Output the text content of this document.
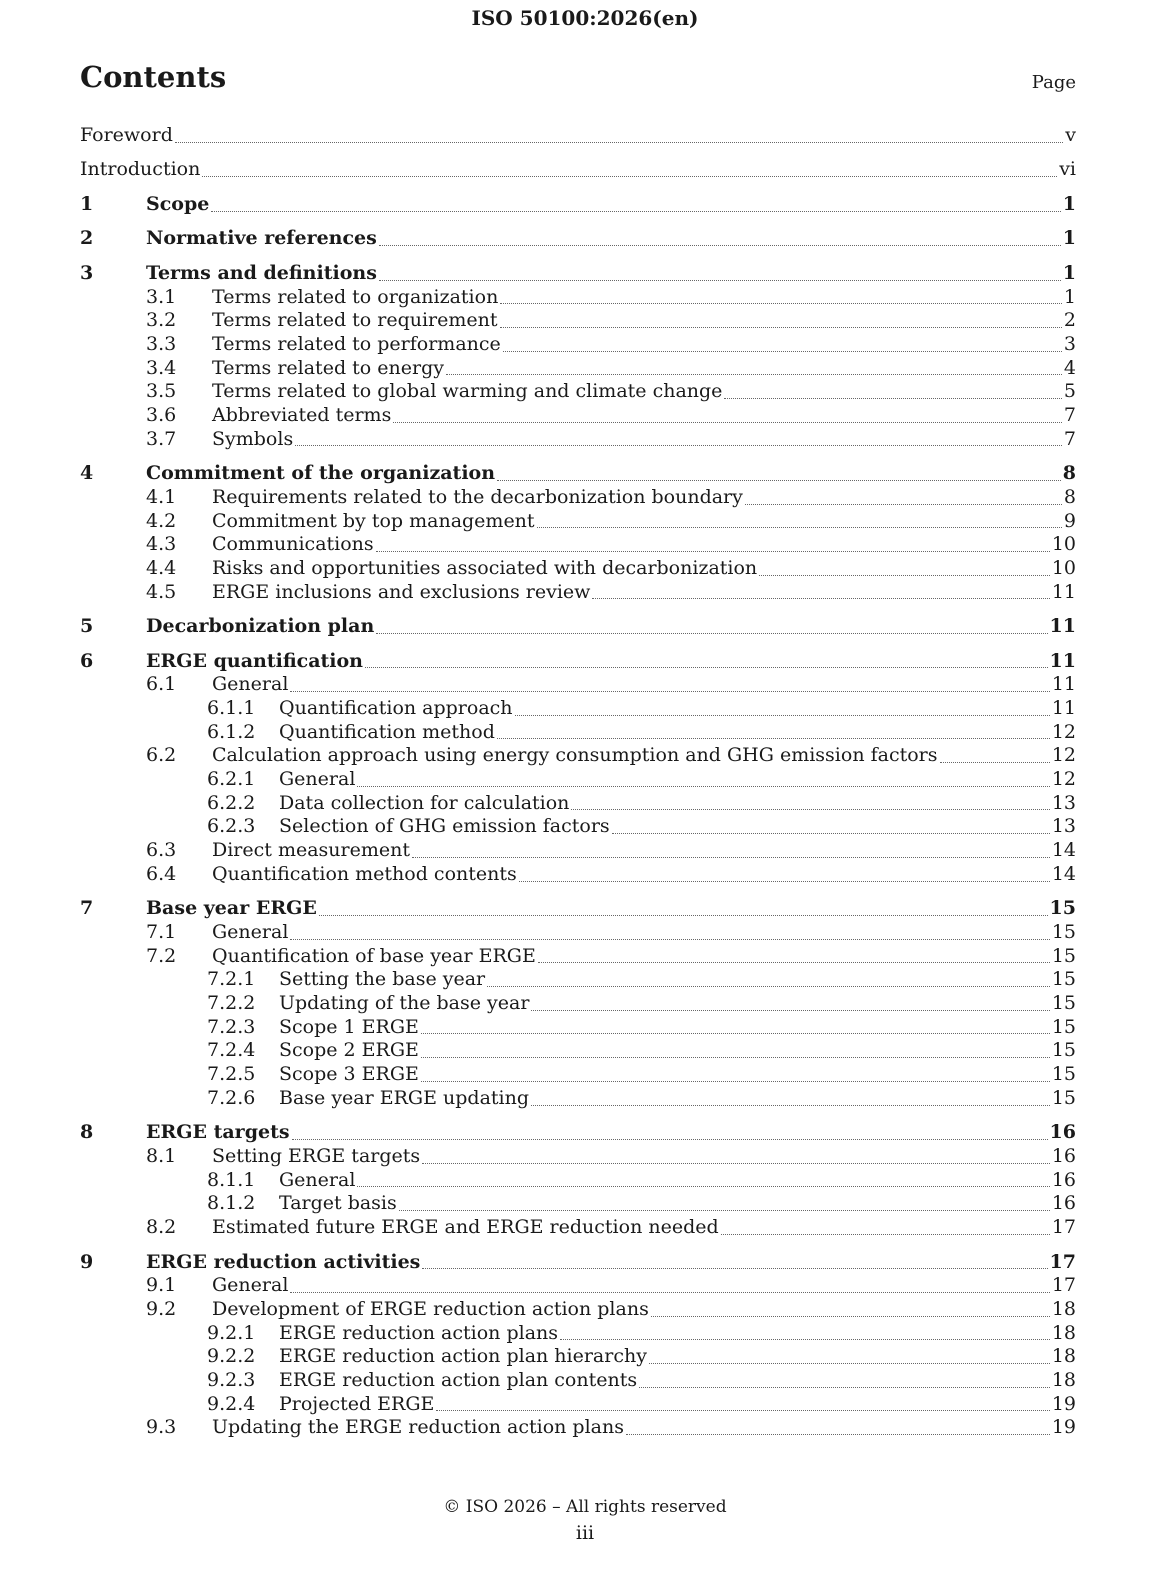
ISO 50100:2026(en)
Contents	Page
Foreword	v
Introduction	vi
1	Scope	1
2	Normative references	1
3	Terms and definitions	1
3.1	Terms related to organization	1
3.2	Terms related to requirement	2
3.3	Terms related to performance	3
3.4	Terms related to energy	4
3.5	Terms related to global warming and climate change	5
3.6	Abbreviated terms	7
3.7	Symbols	7
4	Commitment of the organization	8
4.1	Requirements related to the decarbonization boundary	8
4.2	Commitment by top management	9
4.3	Communications	10
4.4	Risks and opportunities associated with decarbonization	10
4.5	ERGE inclusions and exclusions review	11
5	Decarbonization plan	11
6	ERGE quantification	11
6.1	General	11
6.1.1	Quantification approach	11
6.1.2	Quantification method	12
6.2	Calculation approach using energy consumption and GHG emission factors	12
6.2.1	General	12
6.2.2	Data collection for calculation	13
6.2.3	Selection of GHG emission factors	13
6.3	Direct measurement	14
6.4	Quantification method contents	14
7	Base year ERGE	15
7.1	General	15
7.2	Quantification of base year ERGE	15
7.2.1	Setting the base year	15
7.2.2	Updating of the base year	15
7.2.3	Scope 1 ERGE	15
7.2.4	Scope 2 ERGE	15
7.2.5	Scope 3 ERGE	15
7.2.6	Base year ERGE updating	15
8	ERGE targets	16
8.1	Setting ERGE targets	16
8.1.1	General	16
8.1.2	Target basis	16
8.2	Estimated future ERGE and ERGE reduction needed	17
9	ERGE reduction activities	17
9.1	General	17
9.2	Development of ERGE reduction action plans	18
9.2.1	ERGE reduction action plans	18
9.2.2	ERGE reduction action plan hierarchy	18
9.2.3	ERGE reduction action plan contents	18
9.2.4	Projected ERGE	19
9.3	Updating the ERGE reduction action plans	19
© ISO 2026 – All rights reserved
iii
